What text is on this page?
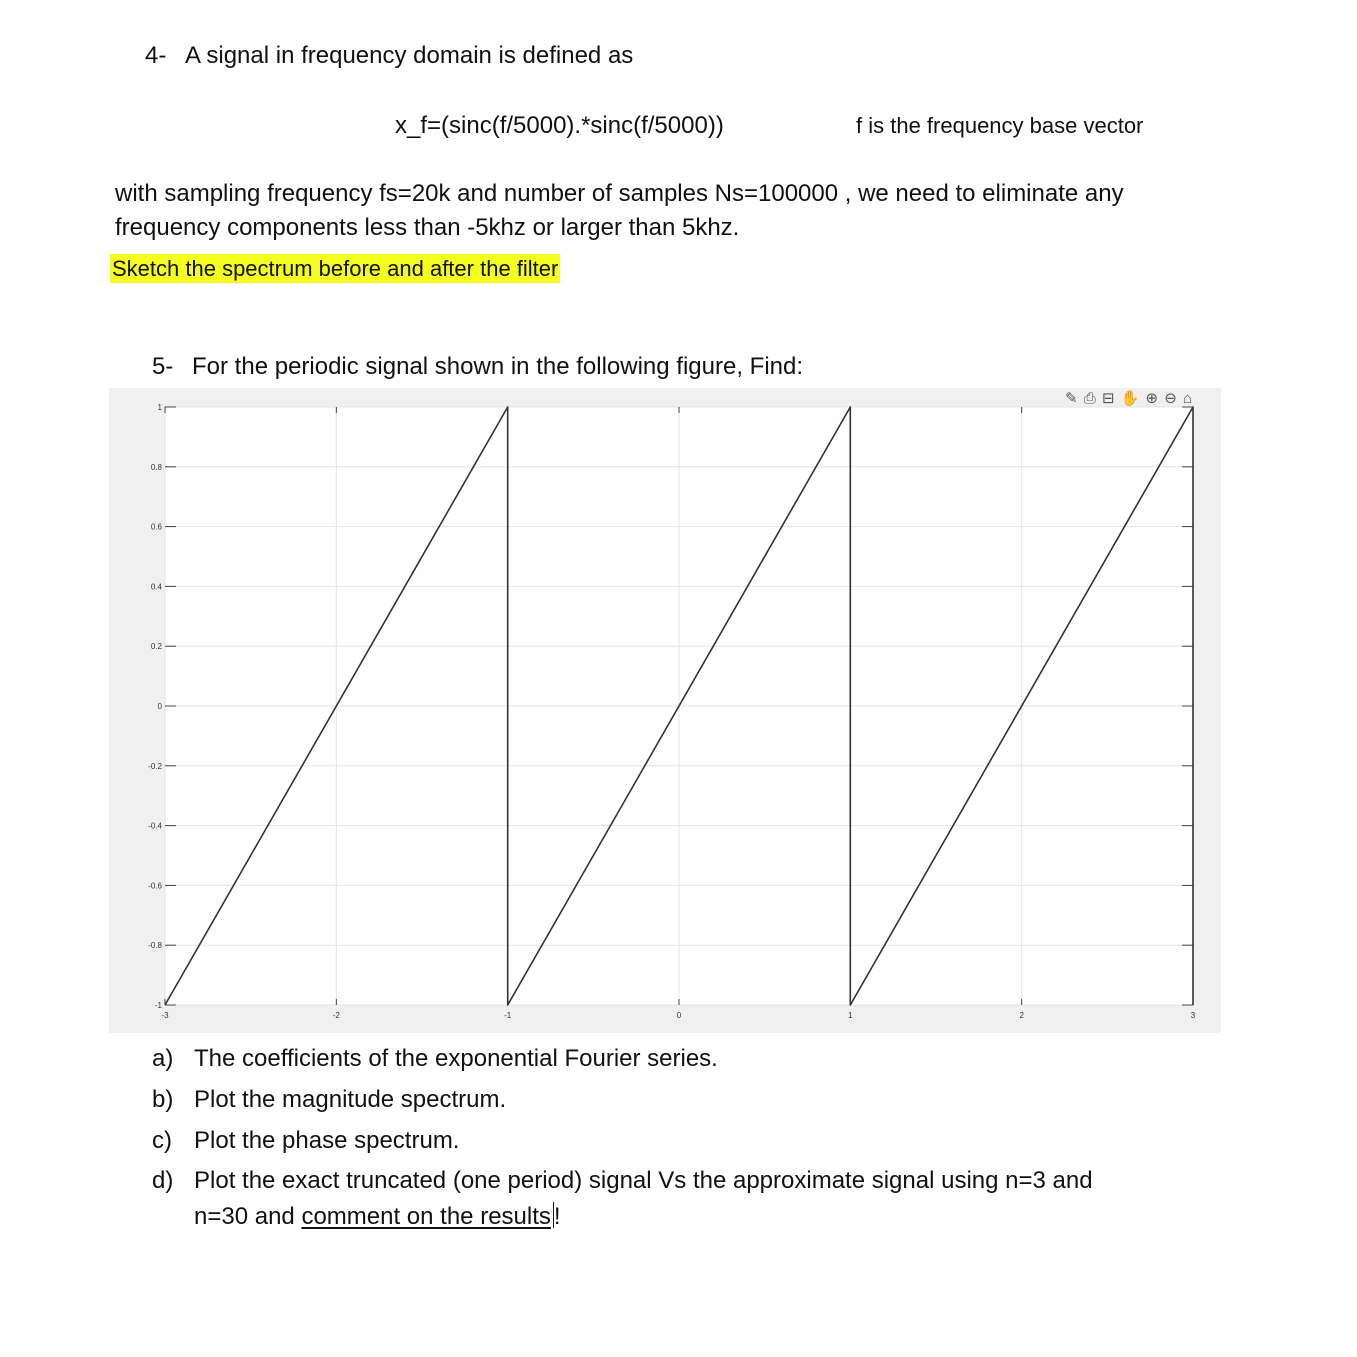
4- A signal in frequency domain is defined as
x_f=(sinc(f/5000).*sinc(f/5000))	f is the frequency base vector
with sampling frequency fs=20k and number of samples Ns=100000 , we need to eliminate any
frequency components less than -5khz or larger than 5khz.
Sketch the spectrum before and after the filter
5- For the periodic signal shown in the following figure, Find:
✎ ⎙ ⊟ ✋ ⊕ ⊖ ⌂
-3	-2	-1	0	1	2	3
1
0.8
0.6
0.4
0.2
0
-0.2
-0.4
-0.6
-0.8
-1
a) The coefficients of the exponential Fourier series.
b) Plot the magnitude spectrum.
c) Plot the phase spectrum.
d) Plot the exact truncated (one period) signal Vs the approximate signal using n=3 and
n=30 and comment on the results !
